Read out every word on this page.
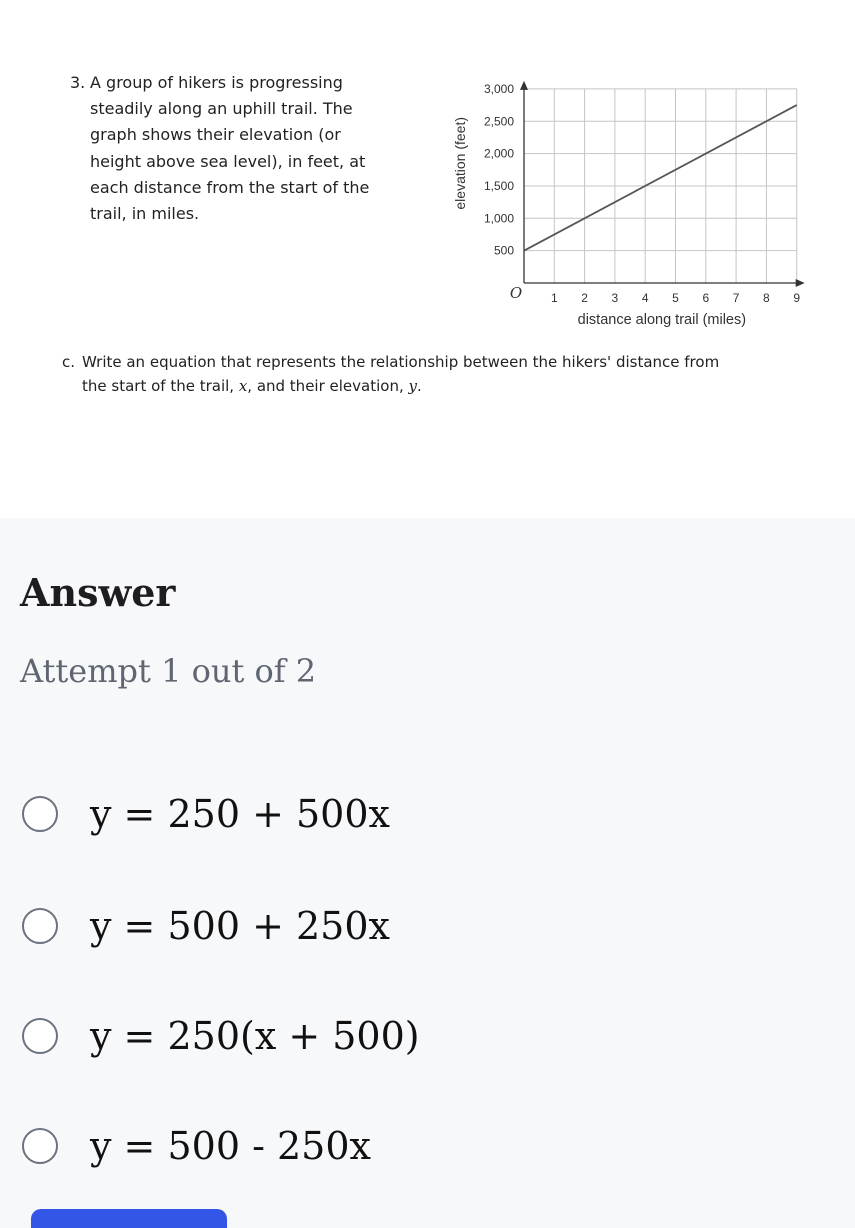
3. A group of hikers is progressing steadily along an uphill trail. The graph shows their elevation (or height above sea level), in feet, at each distance from the start of the trail, in miles.
1 2 3 4 5 6 7 8 9
500
1,000
1,500
2,000
2,500
3,000
O
distance along trail (miles)
elevation (feet)
c. Write an equation that represents the relationship between the hikers' distance from the start of the trail, x, and their elevation, y.
Answer
Attempt 1 out of 2
y = 250 + 500x
y = 500 + 250x
y = 250(x + 500)
y = 500 - 250x
